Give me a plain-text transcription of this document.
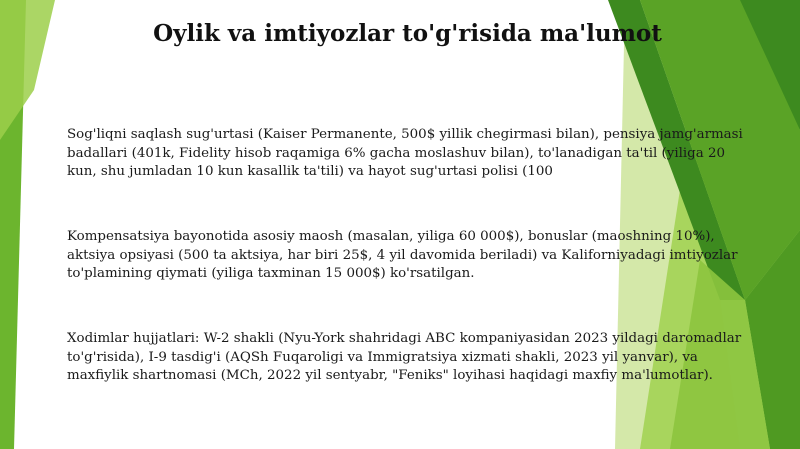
Oylik va imtiyozlar to'g'risida ma'lumot

Sog'liqni saqlash sug'urtasi (Kaiser Permanente, 500$ yillik chegirmasi bilan), pensiya jamg'armasi badallari (401k, Fidelity hisob raqamiga 6% gacha moslashuv bilan), to'lanadigan ta'til (yiliga 20 kun, shu jumladan 10 kun kasallik ta'tili) va hayot sug'urtasi polisi (100

Kompensatsiya bayonotida asosiy maosh (masalan, yiliga 60 000$), bonuslar (maoshning 10%), aktsiya opsiyasi (500 ta aktsiya, har biri 25$, 4 yil davomida beriladi) va Kaliforniyadagi imtiyozlar to'plamining qiymati (yiliga taxminan 15 000$) ko'rsatilgan.

Xodimlar hujjatlari: W-2 shakli (Nyu-York shahridagi ABC kompaniyasidan 2023 yildagi daromadlar to'g'risida), I-9 tasdig'i (AQSh Fuqaroligi va Immigratsiya xizmati shakli, 2023 yil yanvar), va maxfiylik shartnomasi (MCh, 2022 yil sentyabr, "Feniks" loyihasi haqidagi maxfiy ma'lumotlar).
